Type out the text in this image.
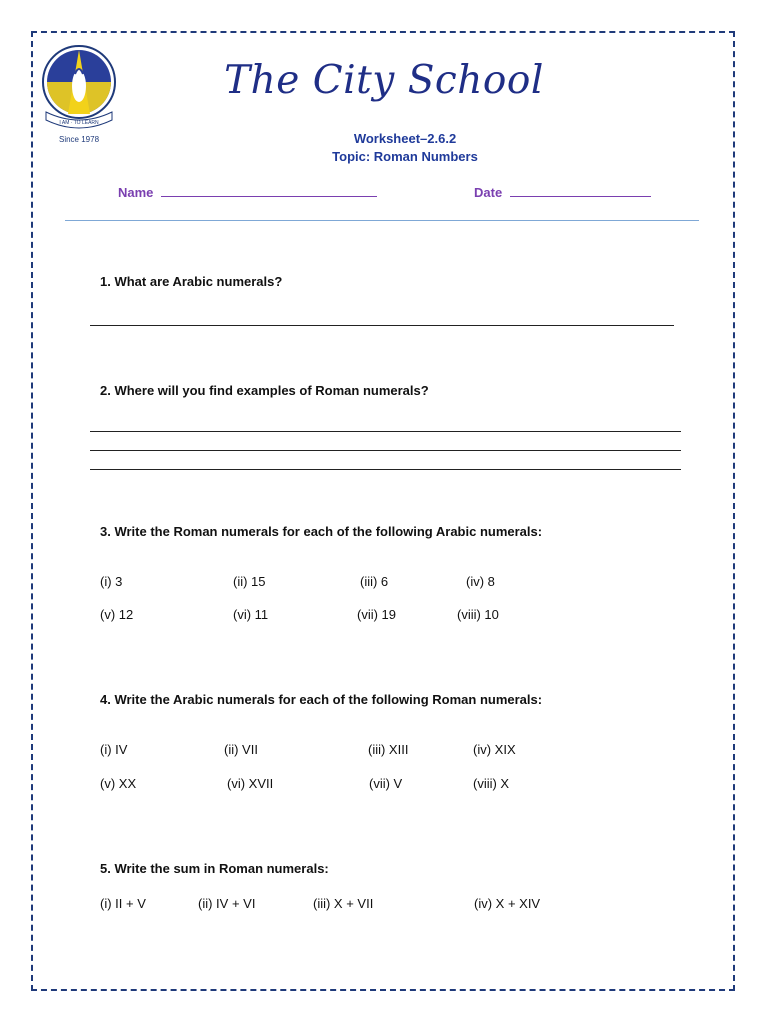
I AM · TO LEARN
Since 1978
The City School
Worksheet–2.6.2
Topic: Roman Numbers
Name	Date
1. What are Arabic numerals?
2. Where will you find examples of Roman numerals?
3. Write the Roman numerals for each of the following Arabic numerals:
(i) 3	(ii) 15	(iii) 6	(iv) 8
(v) 12	(vi) 11	(vii) 19	(viii) 10
4. Write the Arabic numerals for each of the following Roman numerals:
(i) IV	(ii) VII	(iii) XIII	(iv) XIX
(v) XX	(vi) XVII	(vii) V	(viii) X
5. Write the sum in Roman numerals:
(i) II + V	(ii) IV + VI	(iii) X + VII	(iv) X + XIV
